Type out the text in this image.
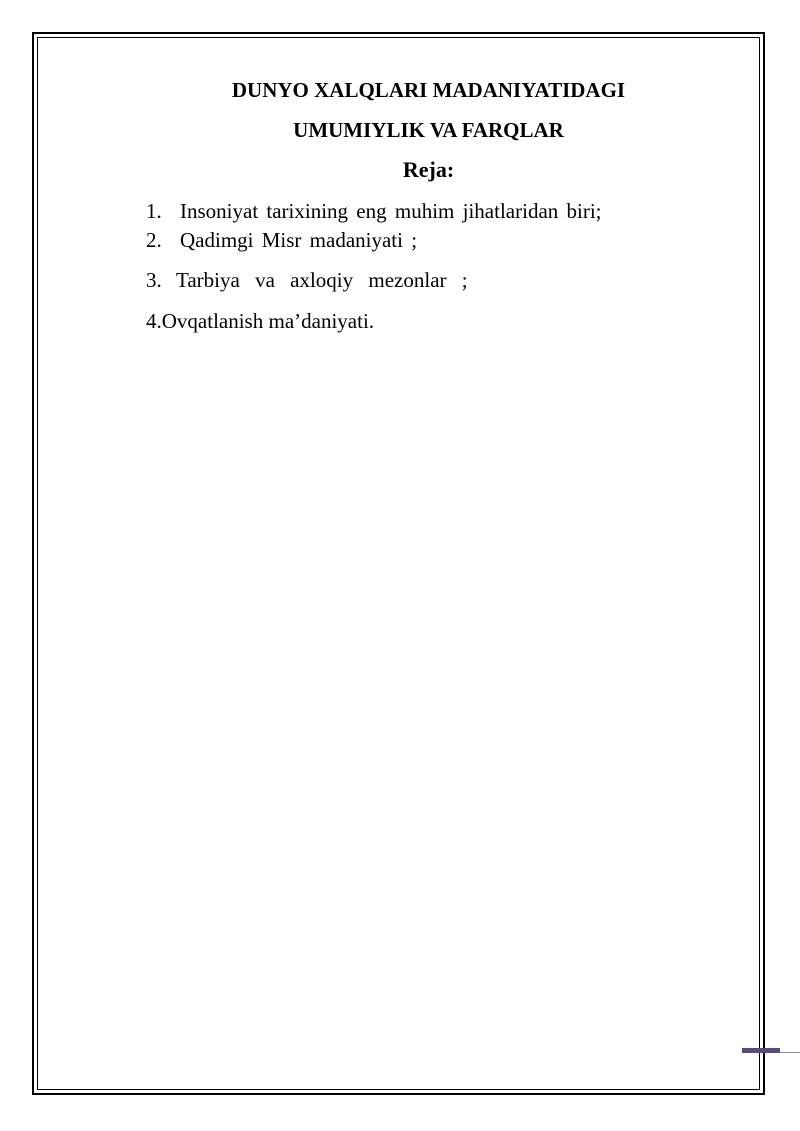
DUNYO XALQLARI MADANIYATIDAGI
UMUMIYLIK VA FARQLAR
Reja:
1. Insoniyat tarixining eng muhim jihatlaridan biri;
2. Qadimgi Misr madaniyati ;
3. Tarbiya va axloqiy mezonlar ;
4.Ovqatlanish ma’daniyati.
